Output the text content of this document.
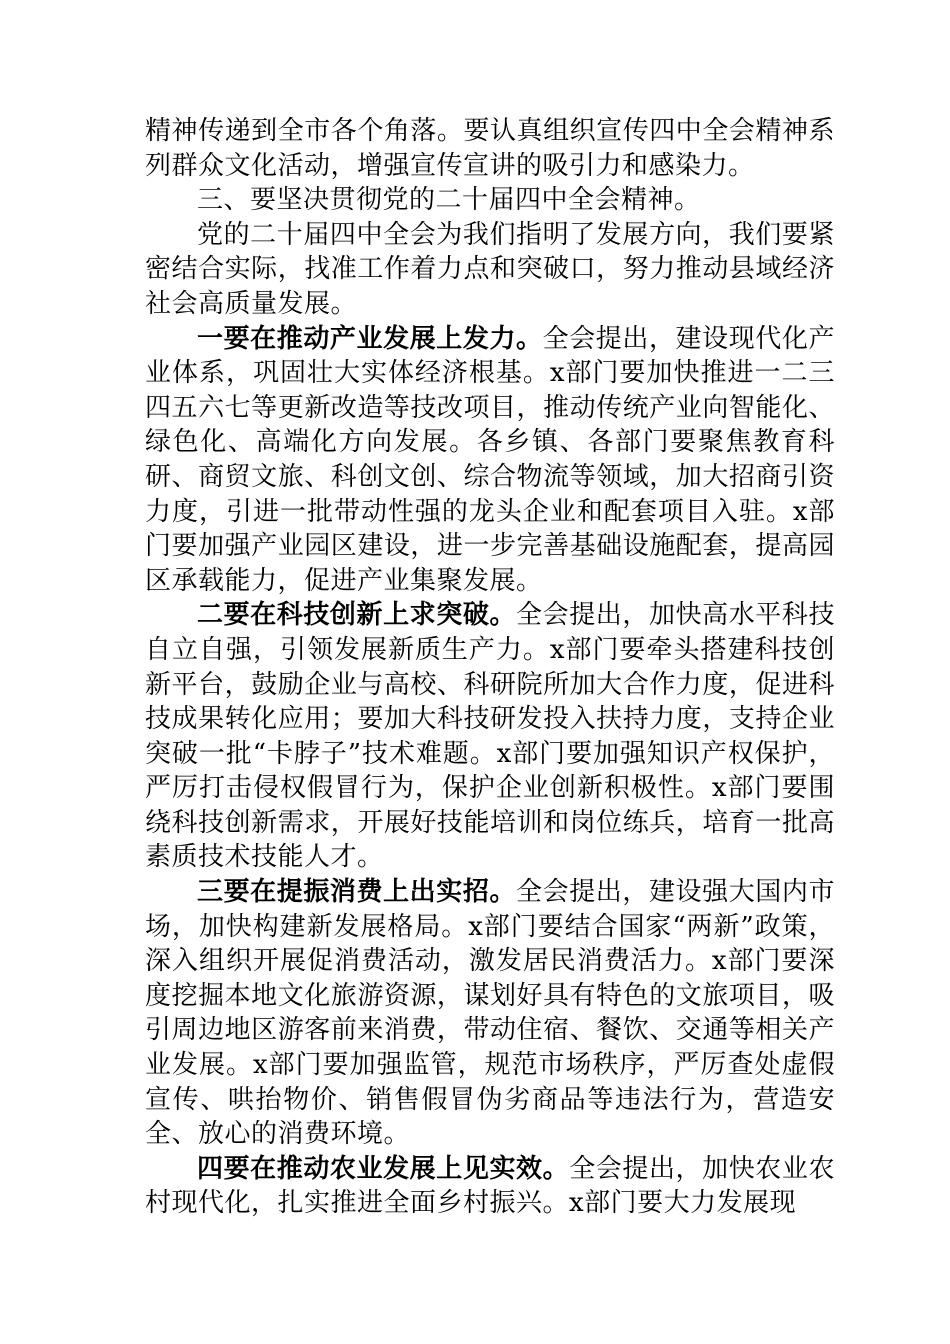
精神传递到全市各个角落。要认真组织宣传四中全会精神系列群众文化活动，增强宣传宣讲的吸引力和感染力。

三、要坚决贯彻党的二十届四中全会精神。

党的二十届四中全会为我们指明了发展方向，我们要紧密结合实际，找准工作着力点和突破口，努力推动县域经济社会高质量发展。

一要在推动产业发展上发力。全会提出，建设现代化产业体系，巩固壮大实体经济根基。x部门要加快推进一二三四五六七等更新改造等技改项目，推动传统产业向智能化、绿色化、高端化方向发展。各乡镇、各部门要聚焦教育科研、商贸文旅、科创文创、综合物流等领域，加大招商引资力度，引进一批带动性强的龙头企业和配套项目入驻。x部门要加强产业园区建设，进一步完善基础设施配套，提高园区承载能力，促进产业集聚发展。

二要在科技创新上求突破。全会提出，加快高水平科技自立自强，引领发展新质生产力。x部门要牵头搭建科技创新平台，鼓励企业与高校、科研院所加大合作力度，促进科技成果转化应用；要加大科技研发投入扶持力度，支持企业突破一批“卡脖子”技术难题。x部门要加强知识产权保护，严厉打击侵权假冒行为，保护企业创新积极性。x部门要围绕科技创新需求，开展好技能培训和岗位练兵，培育一批高素质技术技能人才。

三要在提振消费上出实招。全会提出，建设强大国内市场，加快构建新发展格局。x部门要结合国家“两新”政策，深入组织开展促消费活动，激发居民消费活力。x部门要深度挖掘本地文化旅游资源，谋划好具有特色的文旅项目，吸引周边地区游客前来消费，带动住宿、餐饮、交通等相关产业发展。x部门要加强监管，规范市场秩序，严厉查处虚假宣传、哄抬物价、销售假冒伪劣商品等违法行为，营造安全、放心的消费环境。

四要在推动农业发展上见实效。全会提出，加快农业农村现代化，扎实推进全面乡村振兴。x部门要大力发展现
